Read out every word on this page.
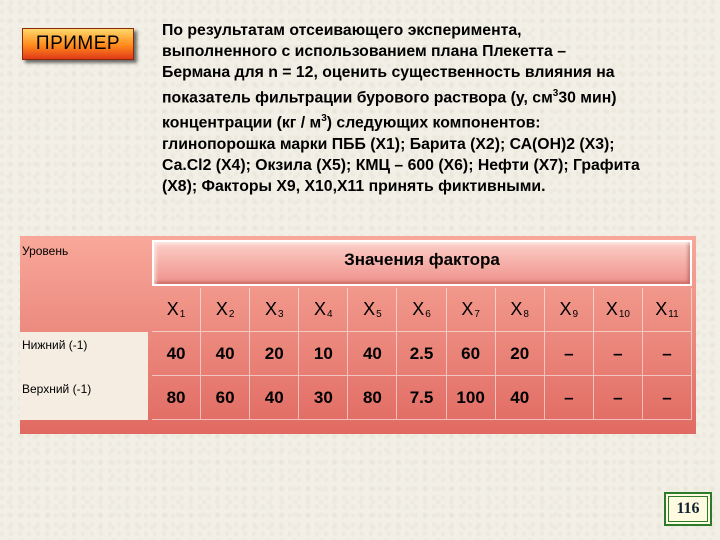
ПРИМЕР
По результатам отсеивающего эксперимента,
выполненного с использованием плана Плекетта –
Бермана для n = 12, оценить существенность влияния на
показатель фильтрации бурового раствора (у, $см^330$ мин)
концентрации $(кг / м^3)$ следующих компонентов:
глинопорошка марки ПББ (Х1); Барита (Х2); СА(ОН)2 (Х3);
Са.Cl2 (Х4); Окзила (Х5); КМЦ – 600 (Х6); Нефти (Х7); Графита
(Х8); Факторы Х9, Х10,Х11 принять фиктивными.
Уровень	Значения фактора
$X_1$ $X_2$ $X_3$ $X_4$ $X_5$ $X_6$ $X_7$ $X_8$ $X_9$ $X_{10}$ $X_{11}$
Нижний (-1)	40	40	20	10	40	2.5	60	20	–	–	–
Верхний (-1)	80	60	40	30	80	7.5	100	40	–	–	–
116
